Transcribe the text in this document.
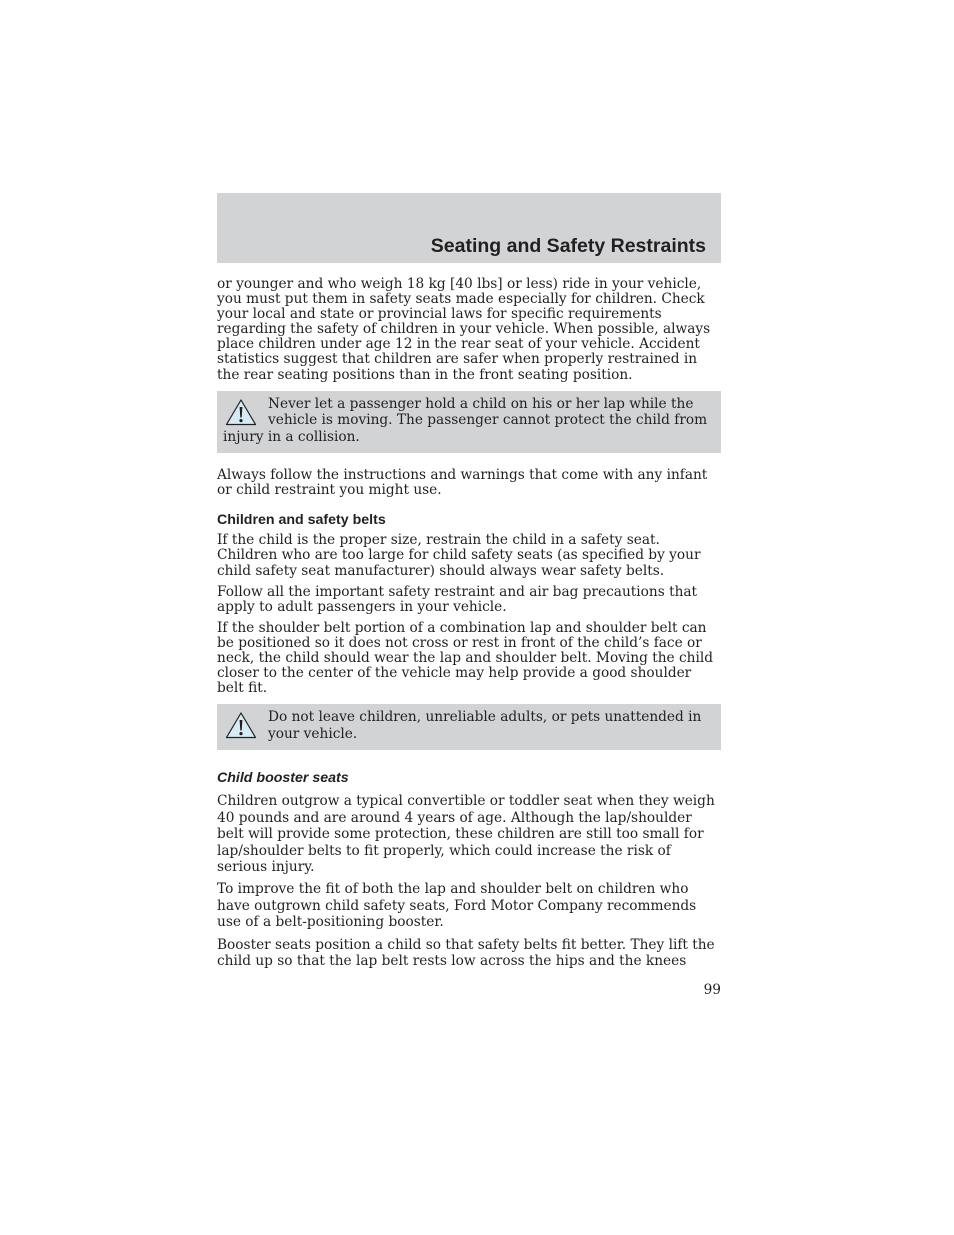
Seating and Safety Restraints

or younger and who weigh 18 kg [40 lbs] or less) ride in your vehicle, you must put them in safety seats made especially for children. Check your local and state or provincial laws for specific requirements regarding the safety of children in your vehicle. When possible, always place children under age 12 in the rear seat of your vehicle. Accident statistics suggest that children are safer when properly restrained in the rear seating positions than in the front seating position.

Never let a passenger hold a child on his or her lap while the vehicle is moving. The passenger cannot protect the child from injury in a collision.

Always follow the instructions and warnings that come with any infant or child restraint you might use.

Children and safety belts

If the child is the proper size, restrain the child in a safety seat. Children who are too large for child safety seats (as specified by your child safety seat manufacturer) should always wear safety belts.

Follow all the important safety restraint and air bag precautions that apply to adult passengers in your vehicle.

If the shoulder belt portion of a combination lap and shoulder belt can be positioned so it does not cross or rest in front of the child’s face or neck, the child should wear the lap and shoulder belt. Moving the child closer to the center of the vehicle may help provide a good shoulder belt fit.

Do not leave children, unreliable adults, or pets unattended in your vehicle.
Child booster seats

Children outgrow a typical convertible or toddler seat when they weigh 40 pounds and are around 4 years of age. Although the lap/shoulder belt will provide some protection, these children are still too small for lap/shoulder belts to fit properly, which could increase the risk of serious injury.

To improve the fit of both the lap and shoulder belt on children who have outgrown child safety seats, Ford Motor Company recommends use of a belt-positioning booster.

Booster seats position a child so that safety belts fit better. They lift the child up so that the lap belt rests low across the hips and the knees

99
